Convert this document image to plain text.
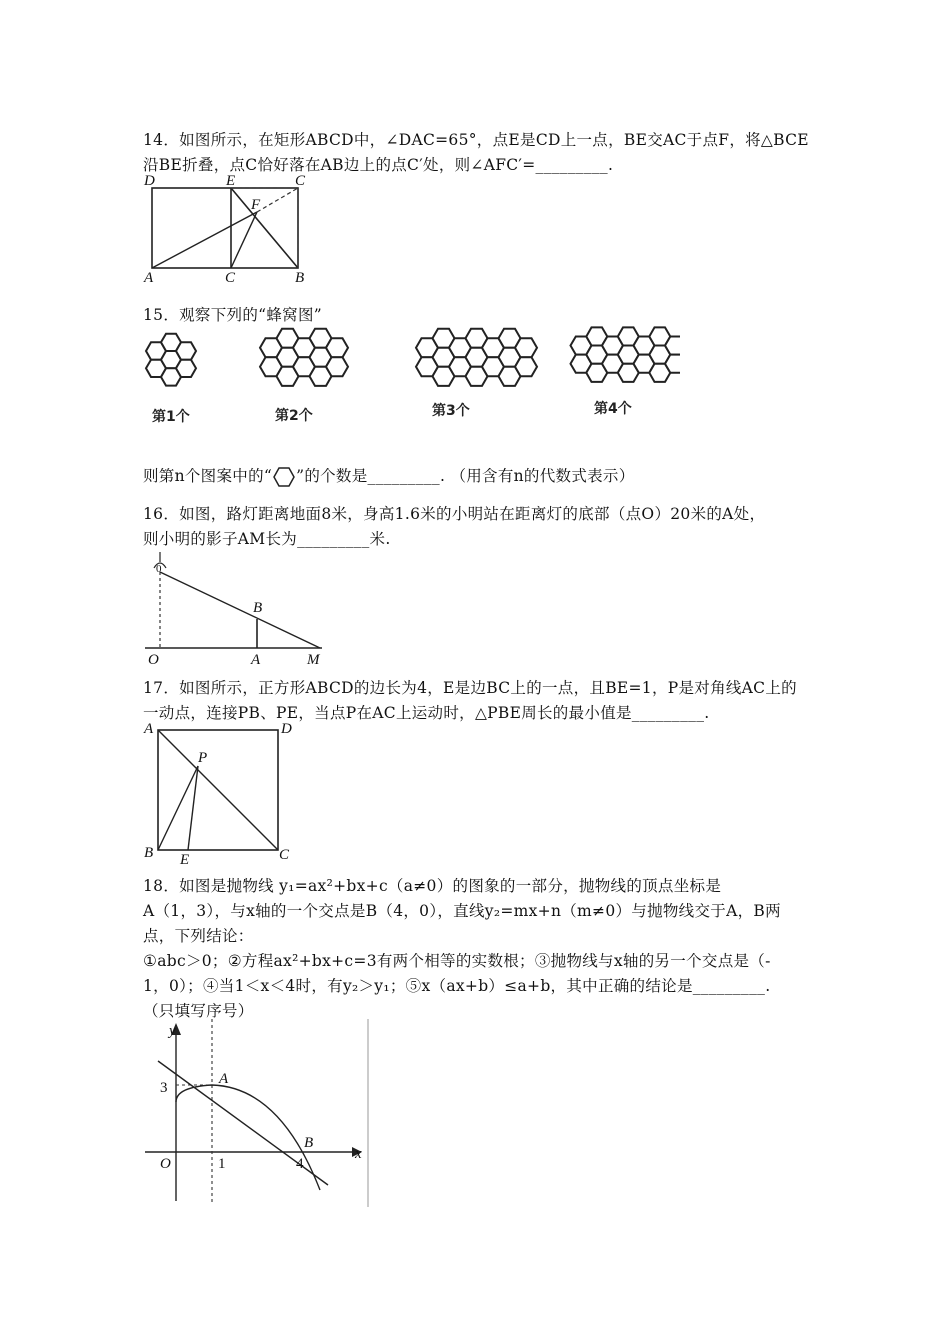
14．如图所示，在矩形ABCD中，∠DAC=65°，点E是CD上一点，BE交AC于点F，将△BCE
沿BE折叠，点C恰好落在AB边上的点C′处，则∠AFC′=_________.
D	E	C
F
A	C	B
15．观察下列的“蜂窝图”
第1个	第2个	第3个	第4个
则第n个图案中的“ ”的个数是_________. （用含有n的代数式表示）
16．如图，路灯距离地面8米，身高1.6米的小明站在距离灯的底部（点O）20米的A处，
则小明的影子AM长为_________米.
0
B
O	A	M
17．如图所示，正方形ABCD的边长为4，E是边BC上的一点，且BE=1，P是对角线AC上的
一动点，连接PB、PE，当点P在AC上运动时，△PBE周长的最小值是_________.
A	D
P
B E	C
18．如图是抛物线 y₁=ax²+bx+c（a≠0）的图象的一部分，抛物线的顶点坐标是
A（1，3），与x轴的一个交点是B（4，0），直线y₂=mx+n（m≠0）与抛物线交于A，B两
点，下列结论：
①abc＞0；②方程ax²+bx+c=3有两个相等的实数根；③抛物线与x轴的另一个交点是（-
1，0）；④当1＜x＜4时，有y₂＞y₁；⑤x（ax+b）≤a+b，其中正确的结论是_________.
（只填写序号）
y
x
3
A
B
O	1	4
